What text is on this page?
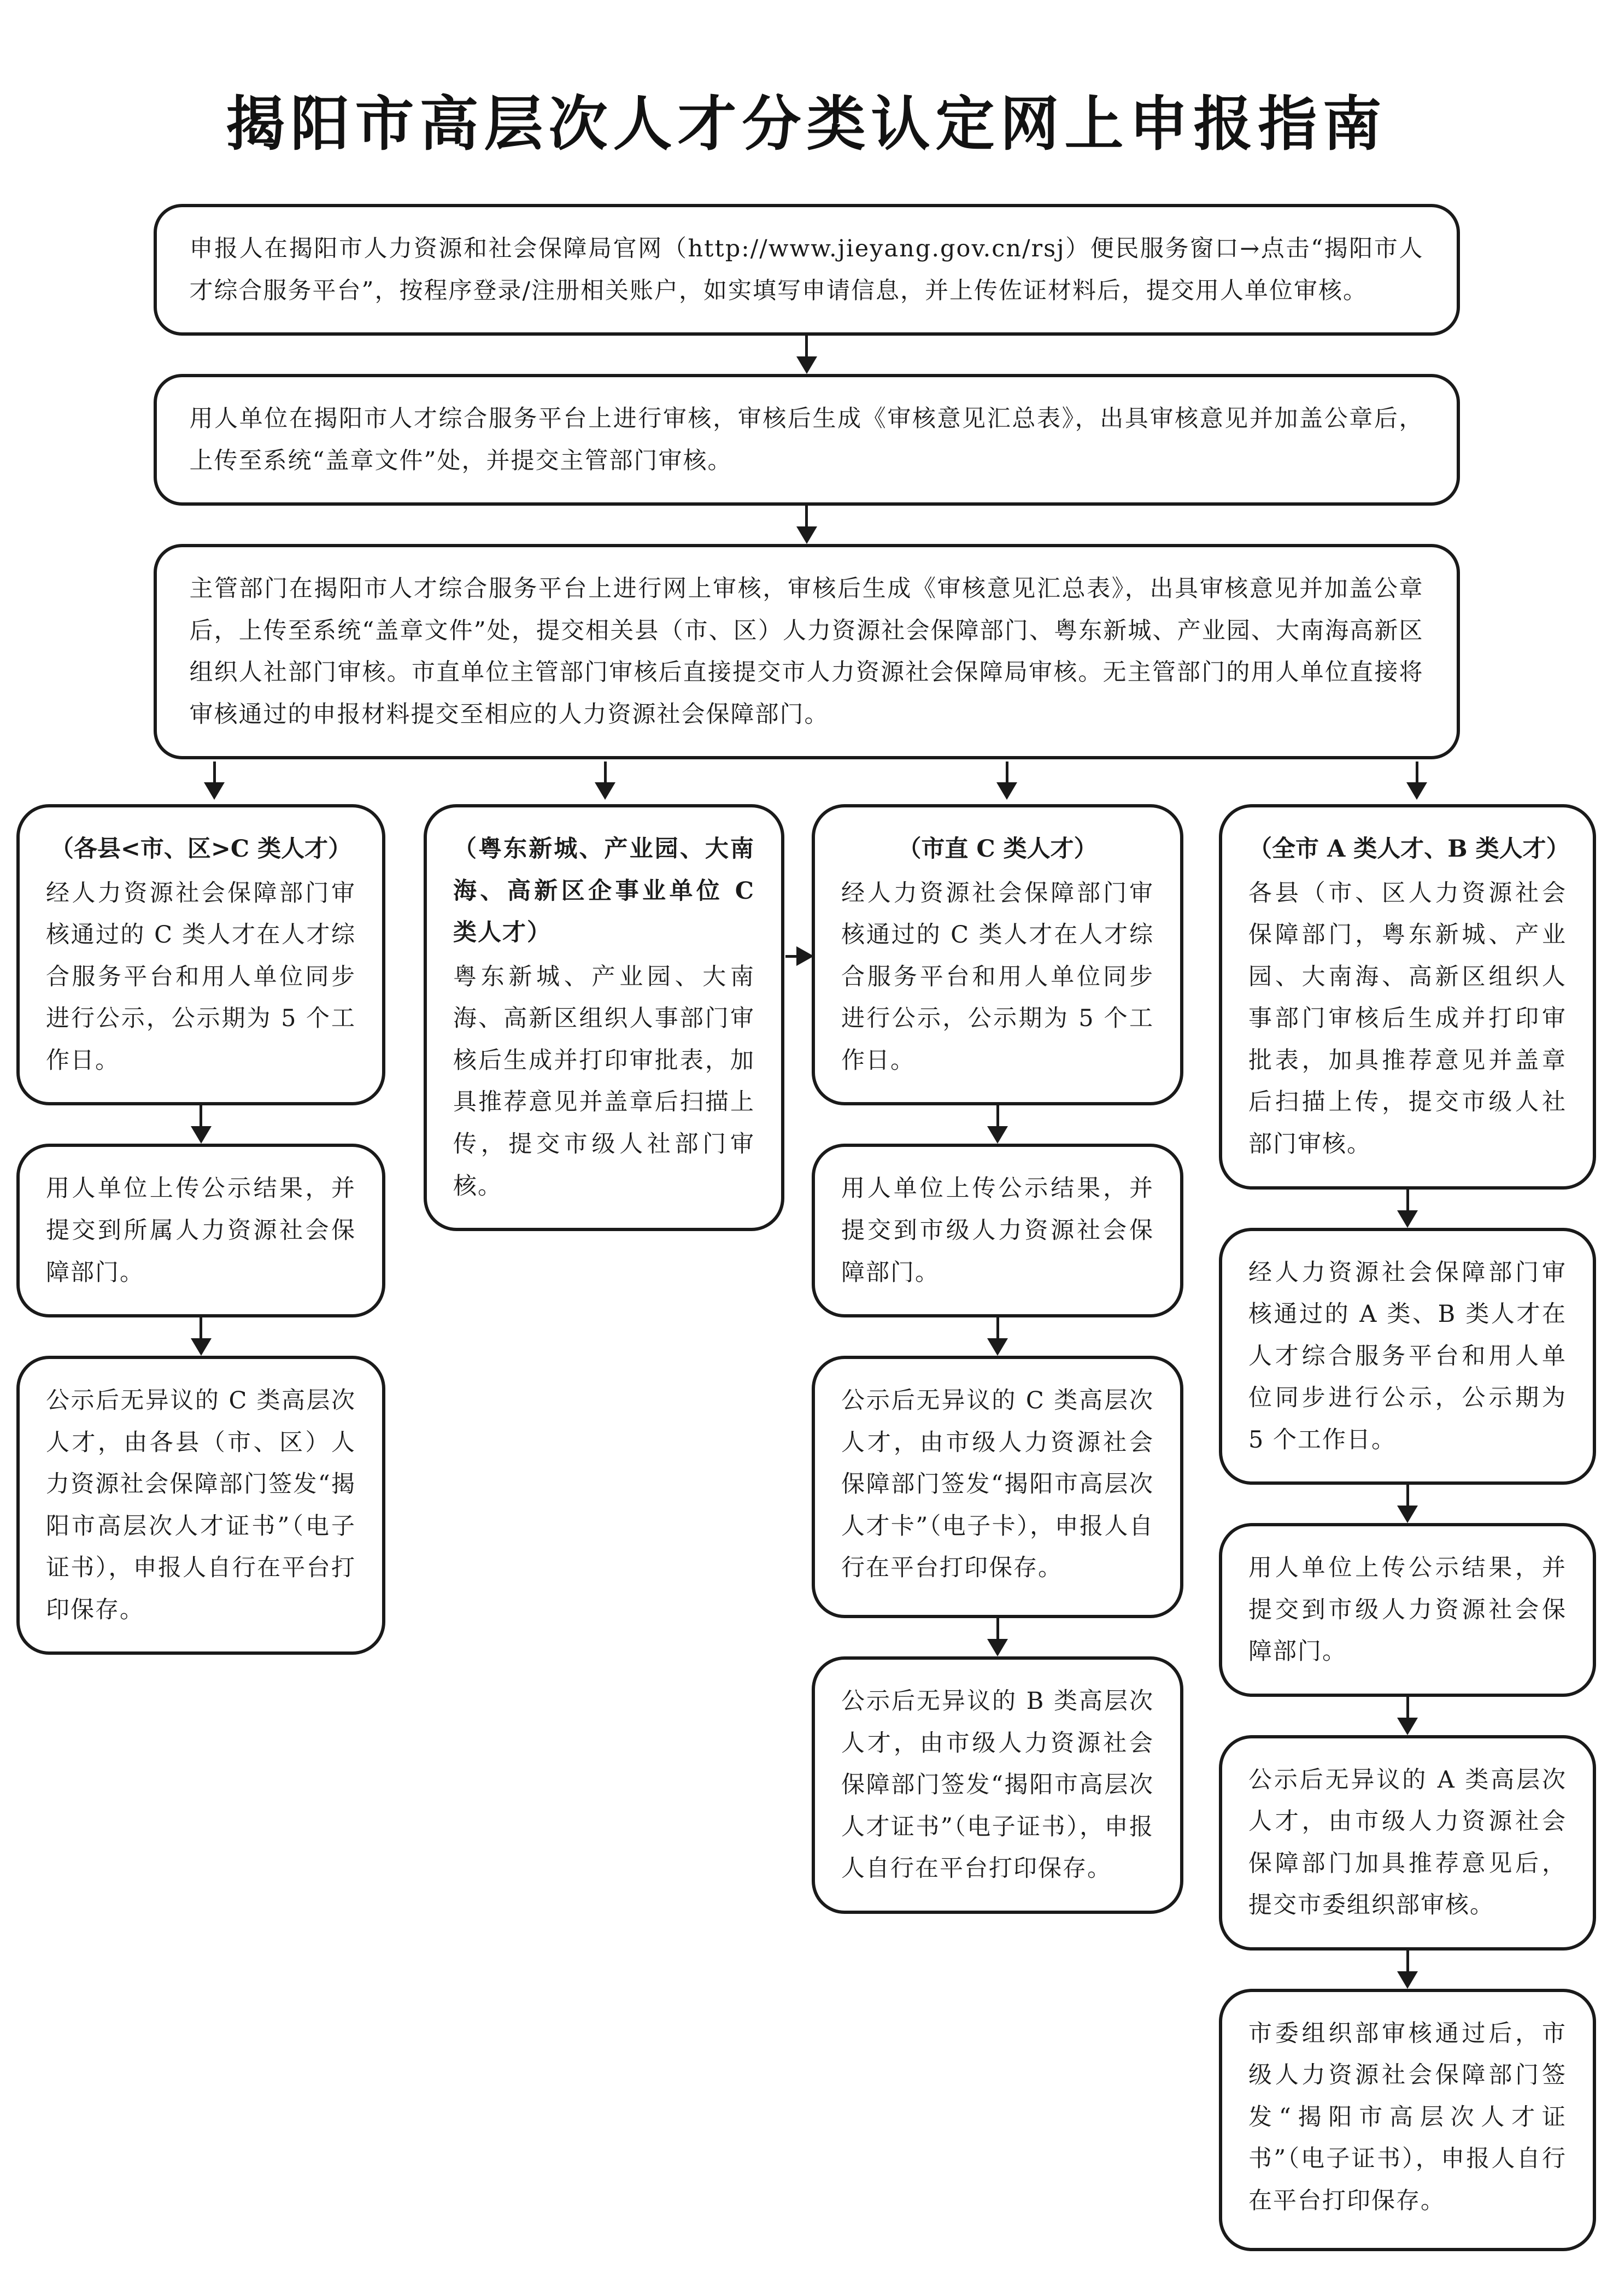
揭阳市高层次人才分类认定网上申报指南

申报人在揭阳市人力资源和社会保障局官网（http://www.jieyang.gov.cn/rsj）便民服务窗口→点击“揭阳市人才综合服务平台”，按程序登录/注册相关账户，如实填写申请信息，并上传佐证材料后，提交用人单位审核。

用人单位在揭阳市人才综合服务平台上进行审核，审核后生成《审核意见汇总表》，出具审核意见并加盖公章后，上传至系统“盖章文件”处，并提交主管部门审核。

主管部门在揭阳市人才综合服务平台上进行网上审核，审核后生成《审核意见汇总表》，出具审核意见并加盖公章后，上传至系统“盖章文件”处，提交相关县（市、区）人力资源社会保障部门、粤东新城、产业园、大南海高新区组织人社部门审核。市直单位主管部门审核后直接提交市人力资源社会保障局审核。无主管部门的用人单位直接将审核通过的申报材料提交至相应的人力资源社会保障部门。

（各县<市、区>C 类人才）
经人力资源社会保障部门审核通过的 C 类人才在人才综合服务平台和用人单位同步进行公示，公示期为 5 个工作日。
用人单位上传公示结果，并提交到所属人力资源社会保障部门。
公示后无异议的 C 类高层次人才，由各县（市、区）人力资源社会保障部门签发“揭阳市高层次人才证书”（电子证书），申报人自行在平台打印保存。
（粤东新城、产业园、大南海、高新区企事业单位 C 类人才）
粤东新城、产业园、大南海、高新区组织人事部门审核后生成并打印审批表，加具推荐意见并盖章后扫描上传，提交市级人社部门审核。
（市直 C 类人才）
经人力资源社会保障部门审核通过的 C 类人才在人才综合服务平台和用人单位同步进行公示，公示期为 5 个工作日。
用人单位上传公示结果，并提交到市级人力资源社会保障部门。
公示后无异议的 C 类高层次人才，由市级人力资源社会保障部门签发“揭阳市高层次人才卡”（电子卡），申报人自行在平台打印保存。
公示后无异议的 B 类高层次人才，由市级人力资源社会保障部门签发“揭阳市高层次人才证书”（电子证书），申报人自行在平台打印保存。
（全市 A 类人才、B 类人才）
各县（市、区人力资源社会保障部门，粤东新城、产业园、大南海、高新区组织人事部门审核后生成并打印审批表，加具推荐意见并盖章后扫描上传，提交市级人社部门审核。
经人力资源社会保障部门审核通过的 A 类、B 类人才在人才综合服务平台和用人单位同步进行公示，公示期为 5 个工作日。
用人单位上传公示结果，并提交到市级人力资源社会保障部门。
公示后无异议的 A 类高层次人才，由市级人力资源社会保障部门加具推荐意见后，提交市委组织部审核。
市委组织部审核通过后，市级人力资源社会保障部门签发“揭阳市高层次人才证书”（电子证书），申报人自行在平台打印保存。
